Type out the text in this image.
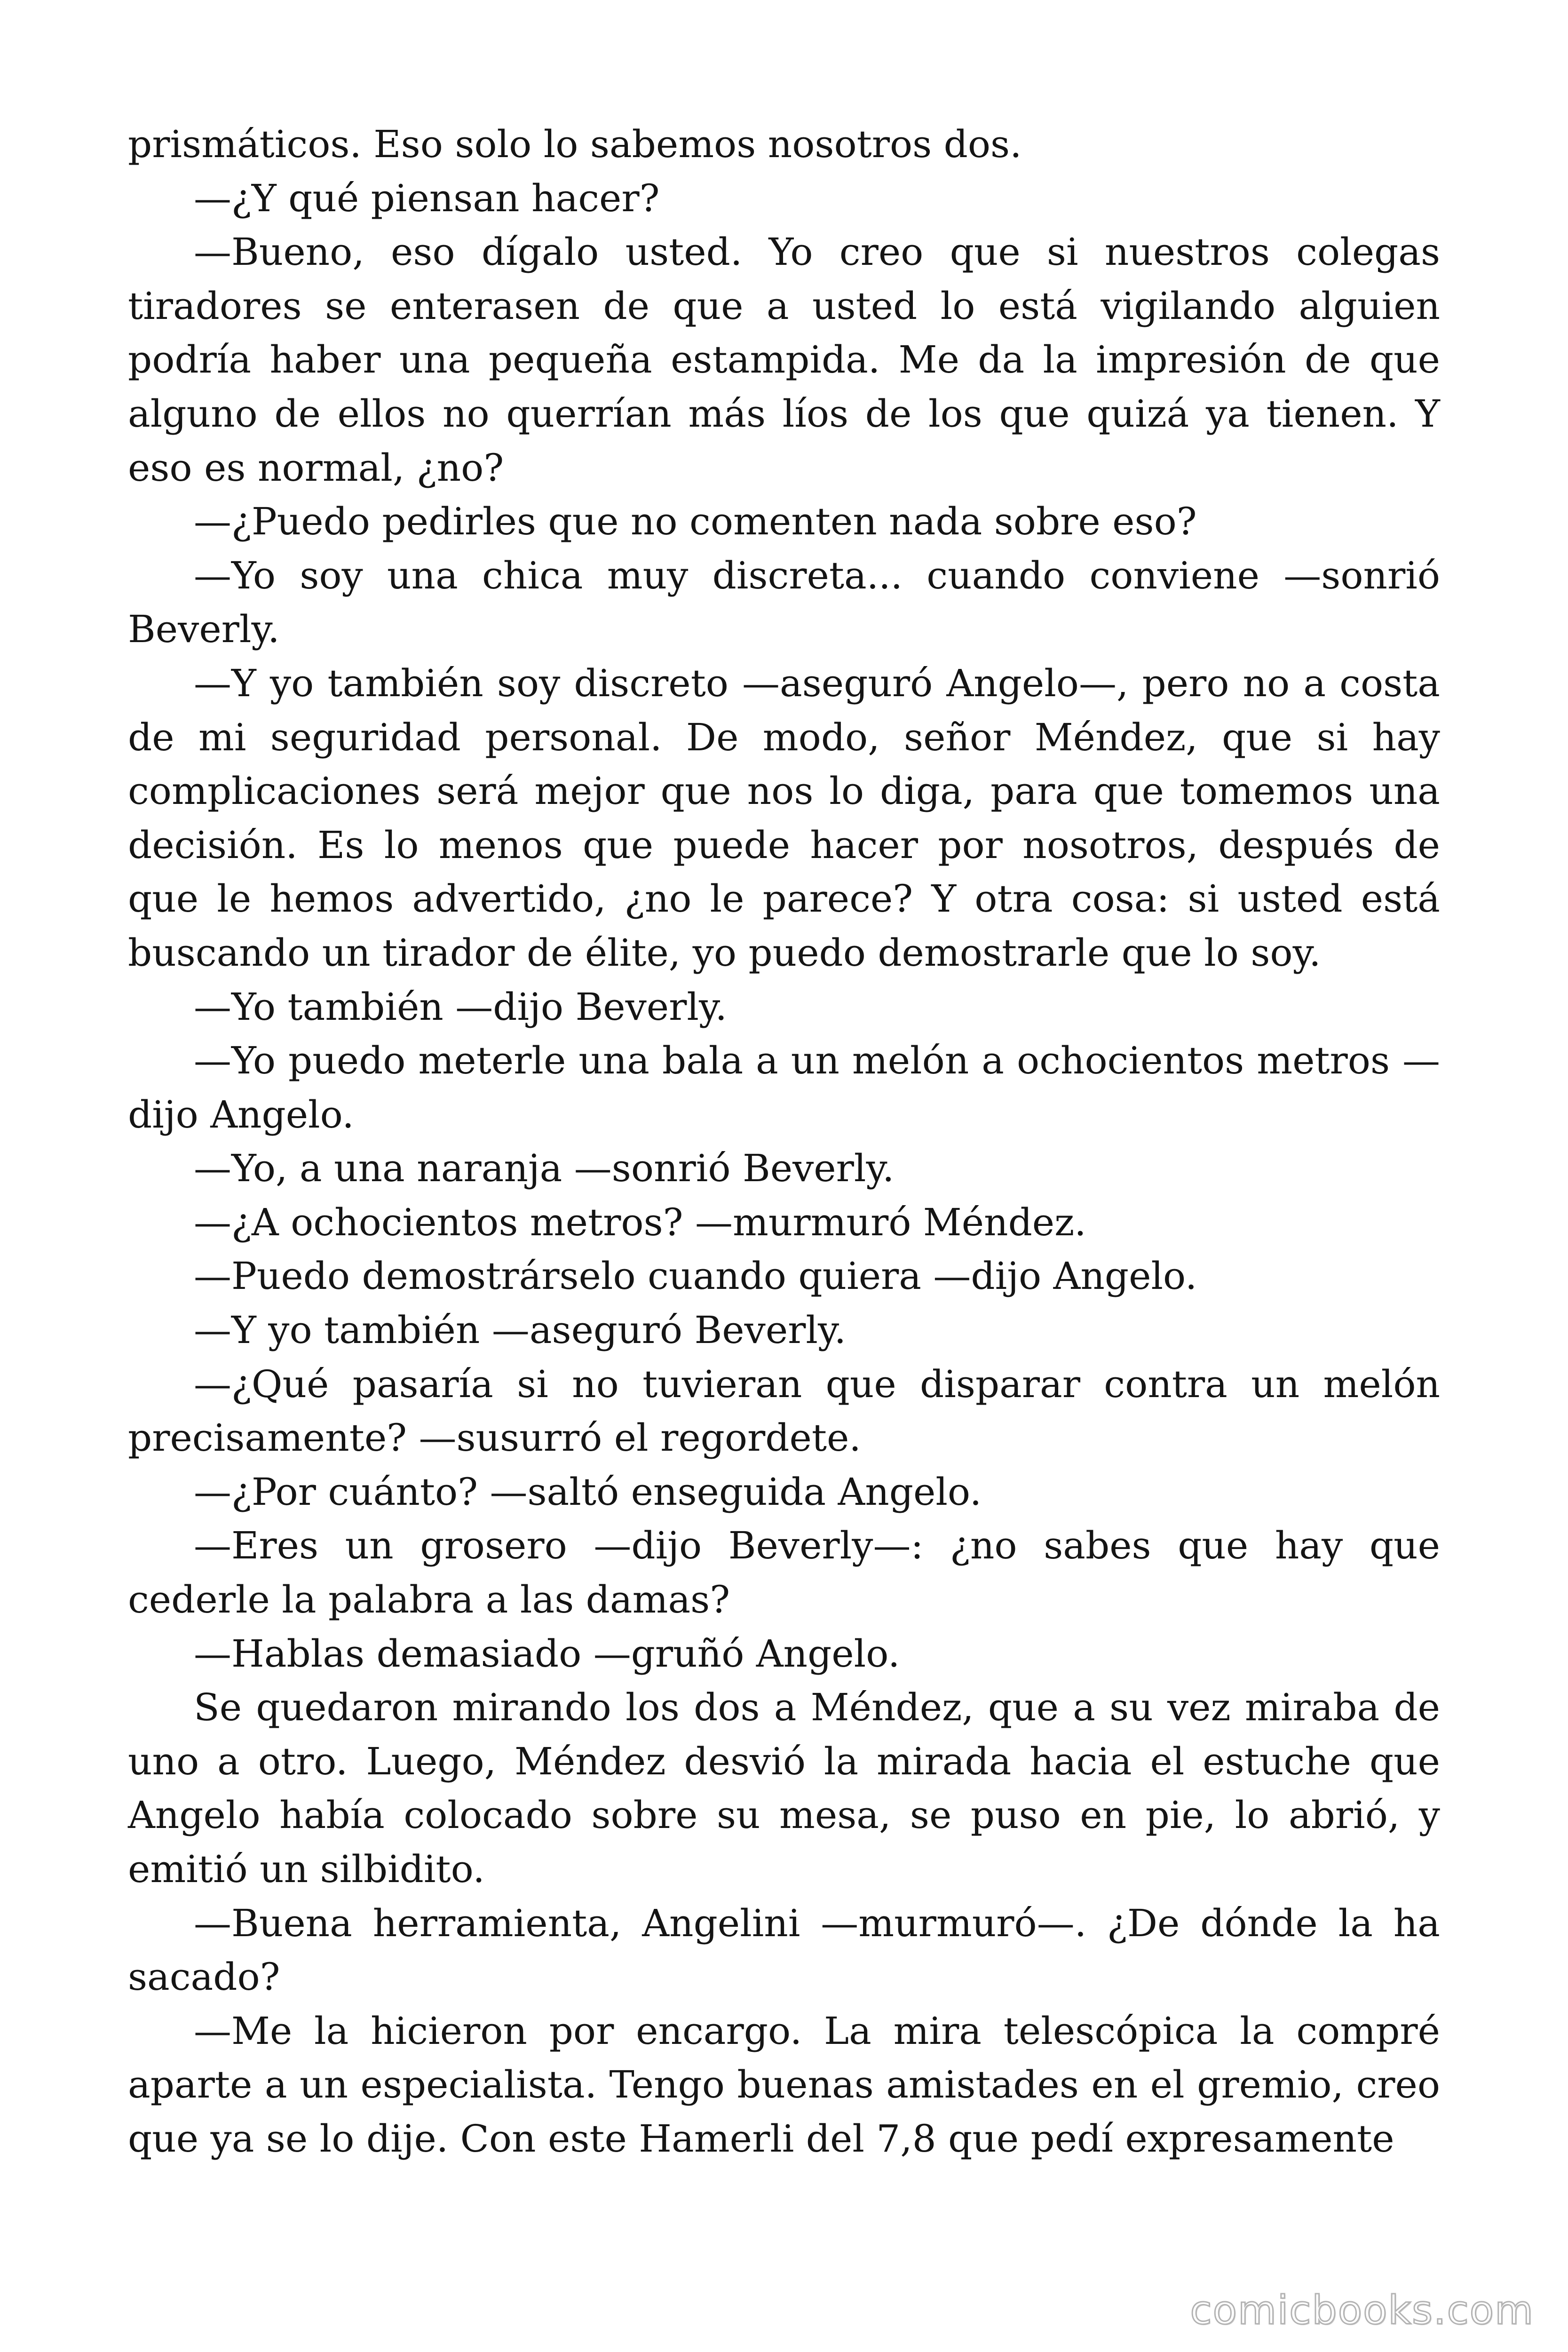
prismáticos. Eso solo lo sabemos nosotros dos.

—¿Y qué piensan hacer?

—Bueno, eso dígalo usted. Yo creo que si nuestros colegas tiradores se enterasen de que a usted lo está vigilando alguien podría haber una pequeña estampida. Me da la impresión de que alguno de ellos no querrían más líos de los que quizá ya tienen. Y eso es normal, ¿no?

—¿Puedo pedirles que no comenten nada sobre eso?

—Yo soy una chica muy discreta... cuando conviene —sonrió Beverly.

—Y yo también soy discreto —aseguró Angelo—, pero no a costa de mi seguridad personal. De modo, señor Méndez, que si hay complicaciones será mejor que nos lo diga, para que tomemos una decisión. Es lo menos que puede hacer por nosotros, después de que le hemos advertido, ¿no le parece? Y otra cosa: si usted está buscando un tirador de élite, yo puedo demostrarle que lo soy.

—Yo también —dijo Beverly.

—Yo puedo meterle una bala a un melón a ochocientos metros —dijo Angelo.

—Yo, a una naranja —sonrió Beverly.

—¿A ochocientos metros? —murmuró Méndez.

—Puedo demostrárselo cuando quiera —dijo Angelo.

—Y yo también —aseguró Beverly.

—¿Qué pasaría si no tuvieran que disparar contra un melón precisamente? —susurró el regordete.

—¿Por cuánto? —saltó enseguida Angelo.

—Eres un grosero —dijo Beverly—: ¿no sabes que hay que cederle la palabra a las damas?

—Hablas demasiado —gruñó Angelo.

Se quedaron mirando los dos a Méndez, que a su vez miraba de uno a otro. Luego, Méndez desvió la mirada hacia el estuche que Angelo había colocado sobre su mesa, se puso en pie, lo abrió, y emitió un silbidito.

—Buena herramienta, Angelini —murmuró—. ¿De dónde la ha sacado?

—Me la hicieron por encargo. La mira telescópica la compré aparte a un especialista. Tengo buenas amistades en el gremio, creo que ya se lo dije. Con este Hamerli del 7,8 que pedí expresamente

comicbooks.com
